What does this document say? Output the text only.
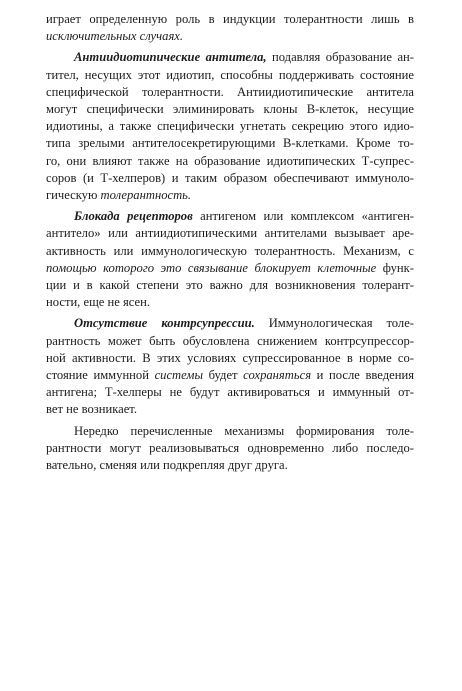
играет определенную роль в индукции толерантности лишь в
исключительных случаях.
Антиидиотипические антитела, подавляя образование ан-
тител, несущих этот идиотип, способны поддерживать состояние
специфической толерантности. Антиидиотипические антитела
могут специфически элиминировать клоны В-клеток, несущие
идиотины, а также специфически угнетать секрецию этого идио-
типа зрелыми антителосекретирующими В-клетками. Кроме то-
го, они влияют также на образование идиотипических Т-супрес-
соров (и Т-хелперов) и таким образом обеспечивают иммуноло-
гическую толерантность.
Блокада рецепторов антигеном или комплексом «антиген-
антитело» или антиидиотипическими антителами вызывает аре-
активность или иммунологическую толерантность. Механизм, с
помощью которого это связывание блокирует клеточные функ-
ции и в какой степени это важно для возникновения толерант-
ности, еще не ясен.
Отсутствие контрсупрессии. Иммунологическая толе-
рантность может быть обусловлена снижением контрсупрессор-
ной активности. В этих условиях супрессированное в норме со-
стояние иммунной системы будет сохраняться и после введения
антигена; Т-хелперы не будут активироваться и иммунный от-
вет не возникает.
Нередко перечисленные механизмы формирования толе-
рантности могут реализовываться одновременно либо последо-
вательно, сменяя или подкрепляя друг друга.
